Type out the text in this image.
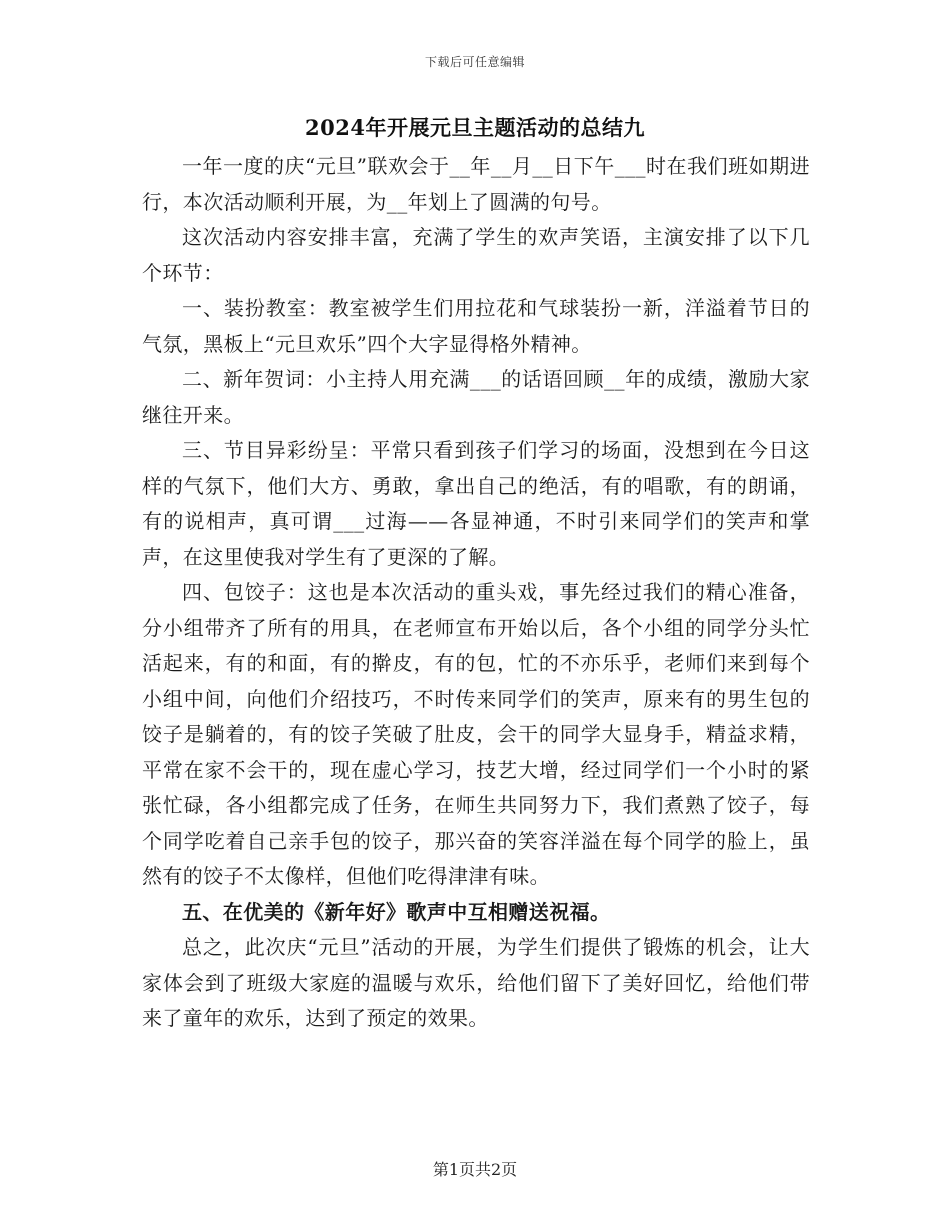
下载后可任意编辑
2024年开展元旦主题活动的总结九

一年一度的庆“元旦”联欢会于__年__月__日下午___时在我们班如期进行，本次活动顺利开展，为__年划上了圆满的句号。

这次活动内容安排丰富，充满了学生的欢声笑语，主演安排了以下几个环节：

一、装扮教室：教室被学生们用拉花和气球装扮一新，洋溢着节日的气氛，黑板上“元旦欢乐”四个大字显得格外精神。

二、新年贺词：小主持人用充满___的话语回顾__年的成绩，激励大家继往开来。

三、节目异彩纷呈：平常只看到孩子们学习的场面，没想到在今日这样的气氛下，他们大方、勇敢，拿出自己的绝活，有的唱歌，有的朗诵，有的说相声，真可谓___过海——各显神通，不时引来同学们的笑声和掌声，在这里使我对学生有了更深的了解。

四、包饺子：这也是本次活动的重头戏，事先经过我们的精心准备，分小组带齐了所有的用具，在老师宣布开始以后，各个小组的同学分头忙活起来，有的和面，有的擀皮，有的包，忙的不亦乐乎，老师们来到每个小组中间，向他们介绍技巧，不时传来同学们的笑声，原来有的男生包的饺子是躺着的，有的饺子笑破了肚皮，会干的同学大显身手，精益求精，平常在家不会干的，现在虚心学习，技艺大增，经过同学们一个小时的紧张忙碌，各小组都完成了任务，在师生共同努力下，我们煮熟了饺子，每个同学吃着自己亲手包的饺子，那兴奋的笑容洋溢在每个同学的脸上，虽然有的饺子不太像样，但他们吃得津津有味。

五、在优美的《新年好》歌声中互相赠送祝福。

总之，此次庆“元旦”活动的开展，为学生们提供了锻炼的机会，让大家体会到了班级大家庭的温暖与欢乐，给他们留下了美好回忆，给他们带来了童年的欢乐，达到了预定的效果。

第1页共2页
